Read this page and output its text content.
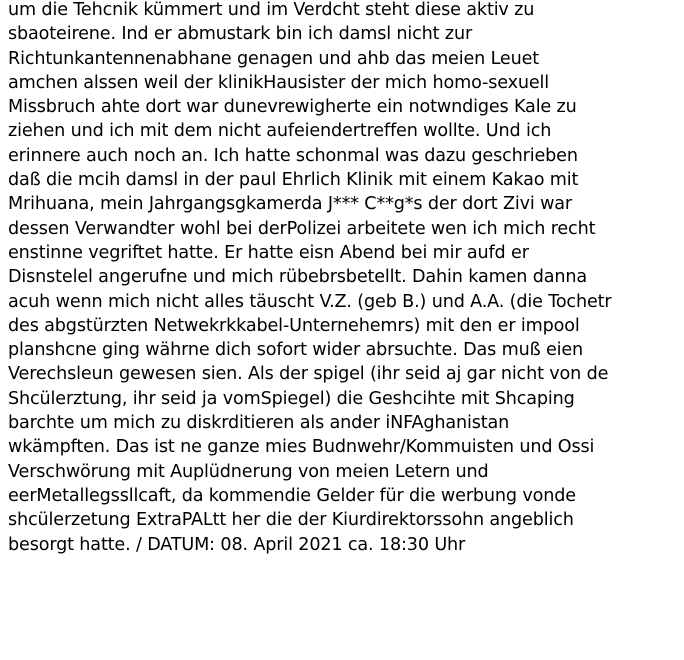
um die Tehcnik kümmert und im Verdcht steht diese aktiv zu
sbaoteirene. Ind er abmustark bin ich damsl nicht zur
Richtunkantennenabhane genagen und ahb das meien Leuet
amchen alssen weil der klinikHausister der mich homo-sexuell
Missbruch ahte dort war dunevrewigherte ein notwndiges Kale zu
ziehen und ich mit dem nicht aufeiendertreffen wollte. Und ich
erinnere auch noch an. Ich hatte schonmal was dazu geschrieben
daß die mcih damsl in der paul Ehrlich Klinik mit einem Kakao mit
Mrihuana, mein Jahrgangsgkamerda J*** C**g*s der dort Zivi war
dessen Verwandter wohl bei derPolizei arbeitete wen ich mich recht
enstinne vegriftet hatte. Er hatte eisn Abend bei mir aufd er
Disnstelel angerufne und mich rübebrsbetellt. Dahin kamen danna
acuh wenn mich nicht alles täuscht V.Z. (geb B.) und A.A. (die Tochetr
des abgstürzten Netwekrkkabel-Unternehemrs) mit den er impool
planshcne ging währne dich sofort wider abrsuchte. Das muß eien
Verechsleun gewesen sien. Als der spigel (ihr seid aj gar nicht von de
Shcülerztung, ihr seid ja vomSpiegel) die Geshcihte mit Shcaping
barchte um mich zu diskrditieren als ander iNFAghanistan
wkämpften. Das ist ne ganze mies Budnwehr/Kommuisten und Ossi
Verschwörung mit Auplüdnerung von meien Letern und
eerMetallegssllcaft, da kommendie Gelder für die werbung vonde
shcülerzetung ExtraPALtt her die der Kiurdirektorssohn angeblich
besorgt hatte. / DATUM: 08. April 2021 ca. 18:30 Uhr
